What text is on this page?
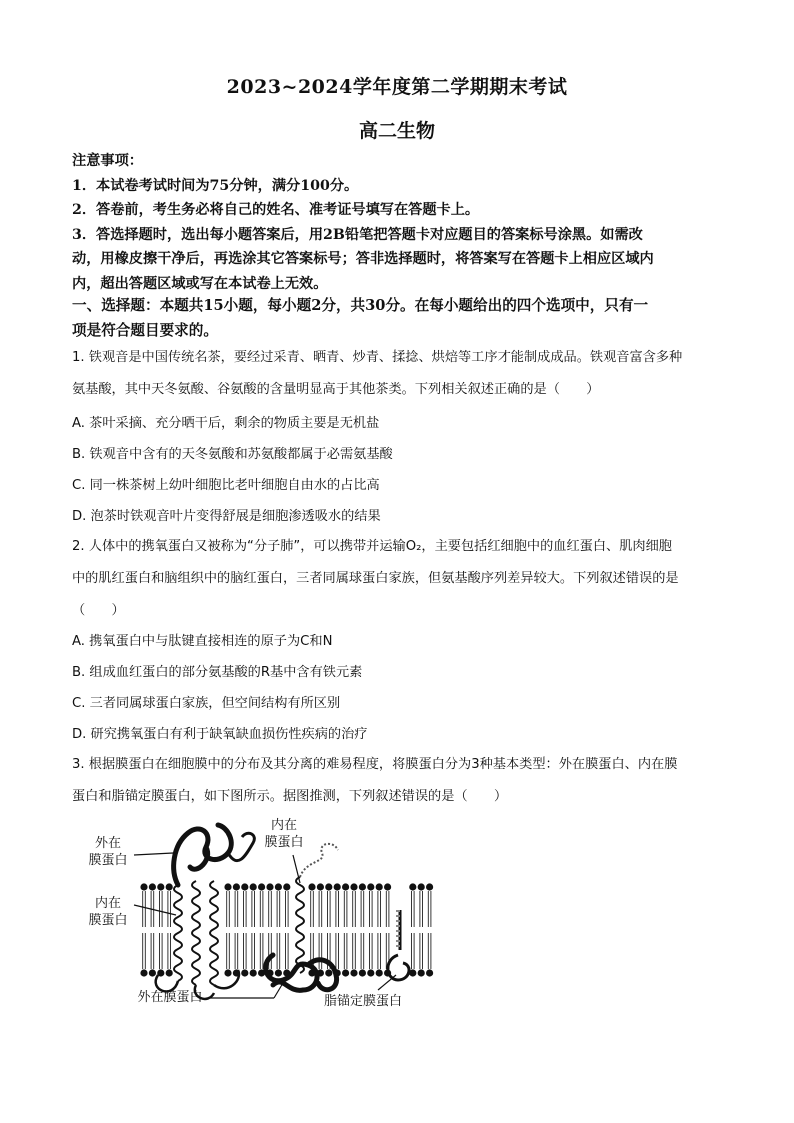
2023~2024学年度第二学期期末考试
高二生物

注意事项：

1．本试卷考试时间为75分钟，满分100分。

2．答卷前，考生务必将自己的姓名、准考证号填写在答题卡上。

3．答选择题时，选出每小题答案后，用2B铅笔把答题卡对应题目的答案标号涂黑。如需改

动，用橡皮擦干净后，再选涂其它答案标号；答非选择题时，将答案写在答题卡上相应区域内

内，超出答题区域或写在本试卷上无效。

一、选择题：本题共15小题，每小题2分，共30分。在每小题给出的四个选项中，只有一
项是符合题目要求的。

1. 铁观音是中国传统名茶，要经过采青、晒青、炒青、揉捻、烘焙等工序才能制成成品。铁观音富含多种

氨基酸，其中天冬氨酸、谷氨酸的含量明显高于其他茶类。下列相关叙述正确的是（　　）

A. 茶叶采摘、充分晒干后，剩余的物质主要是无机盐
B. 铁观音中含有的天冬氨酸和苏氨酸都属于必需氨基酸
C. 同一株茶树上幼叶细胞比老叶细胞自由水的占比高
D. 泡茶时铁观音叶片变得舒展是细胞渗透吸水的结果

2. 人体中的携氧蛋白又被称为“分子肺”，可以携带并运输O₂，主要包括红细胞中的血红蛋白、肌肉细胞

中的肌红蛋白和脑组织中的脑红蛋白，三者同属球蛋白家族，但氨基酸序列差异较大。下列叙述错误的是

（　　）

A. 携氧蛋白中与肽键直接相连的原子为C和N
B. 组成血红蛋白的部分氨基酸的R基中含有铁元素
C. 三者同属球蛋白家族，但空间结构有所区别
D. 研究携氧蛋白有利于缺氧缺血损伤性疾病的治疗

3. 根据膜蛋白在细胞膜中的分布及其分离的难易程度，将膜蛋白分为3种基本类型：外在膜蛋白、内在膜

蛋白和脂锚定膜蛋白，如下图所示。据图推测，下列叙述错误的是（　　）

外在
膜蛋白
内在
膜蛋白
内在
膜蛋白
外在膜蛋白	脂锚定膜蛋白
